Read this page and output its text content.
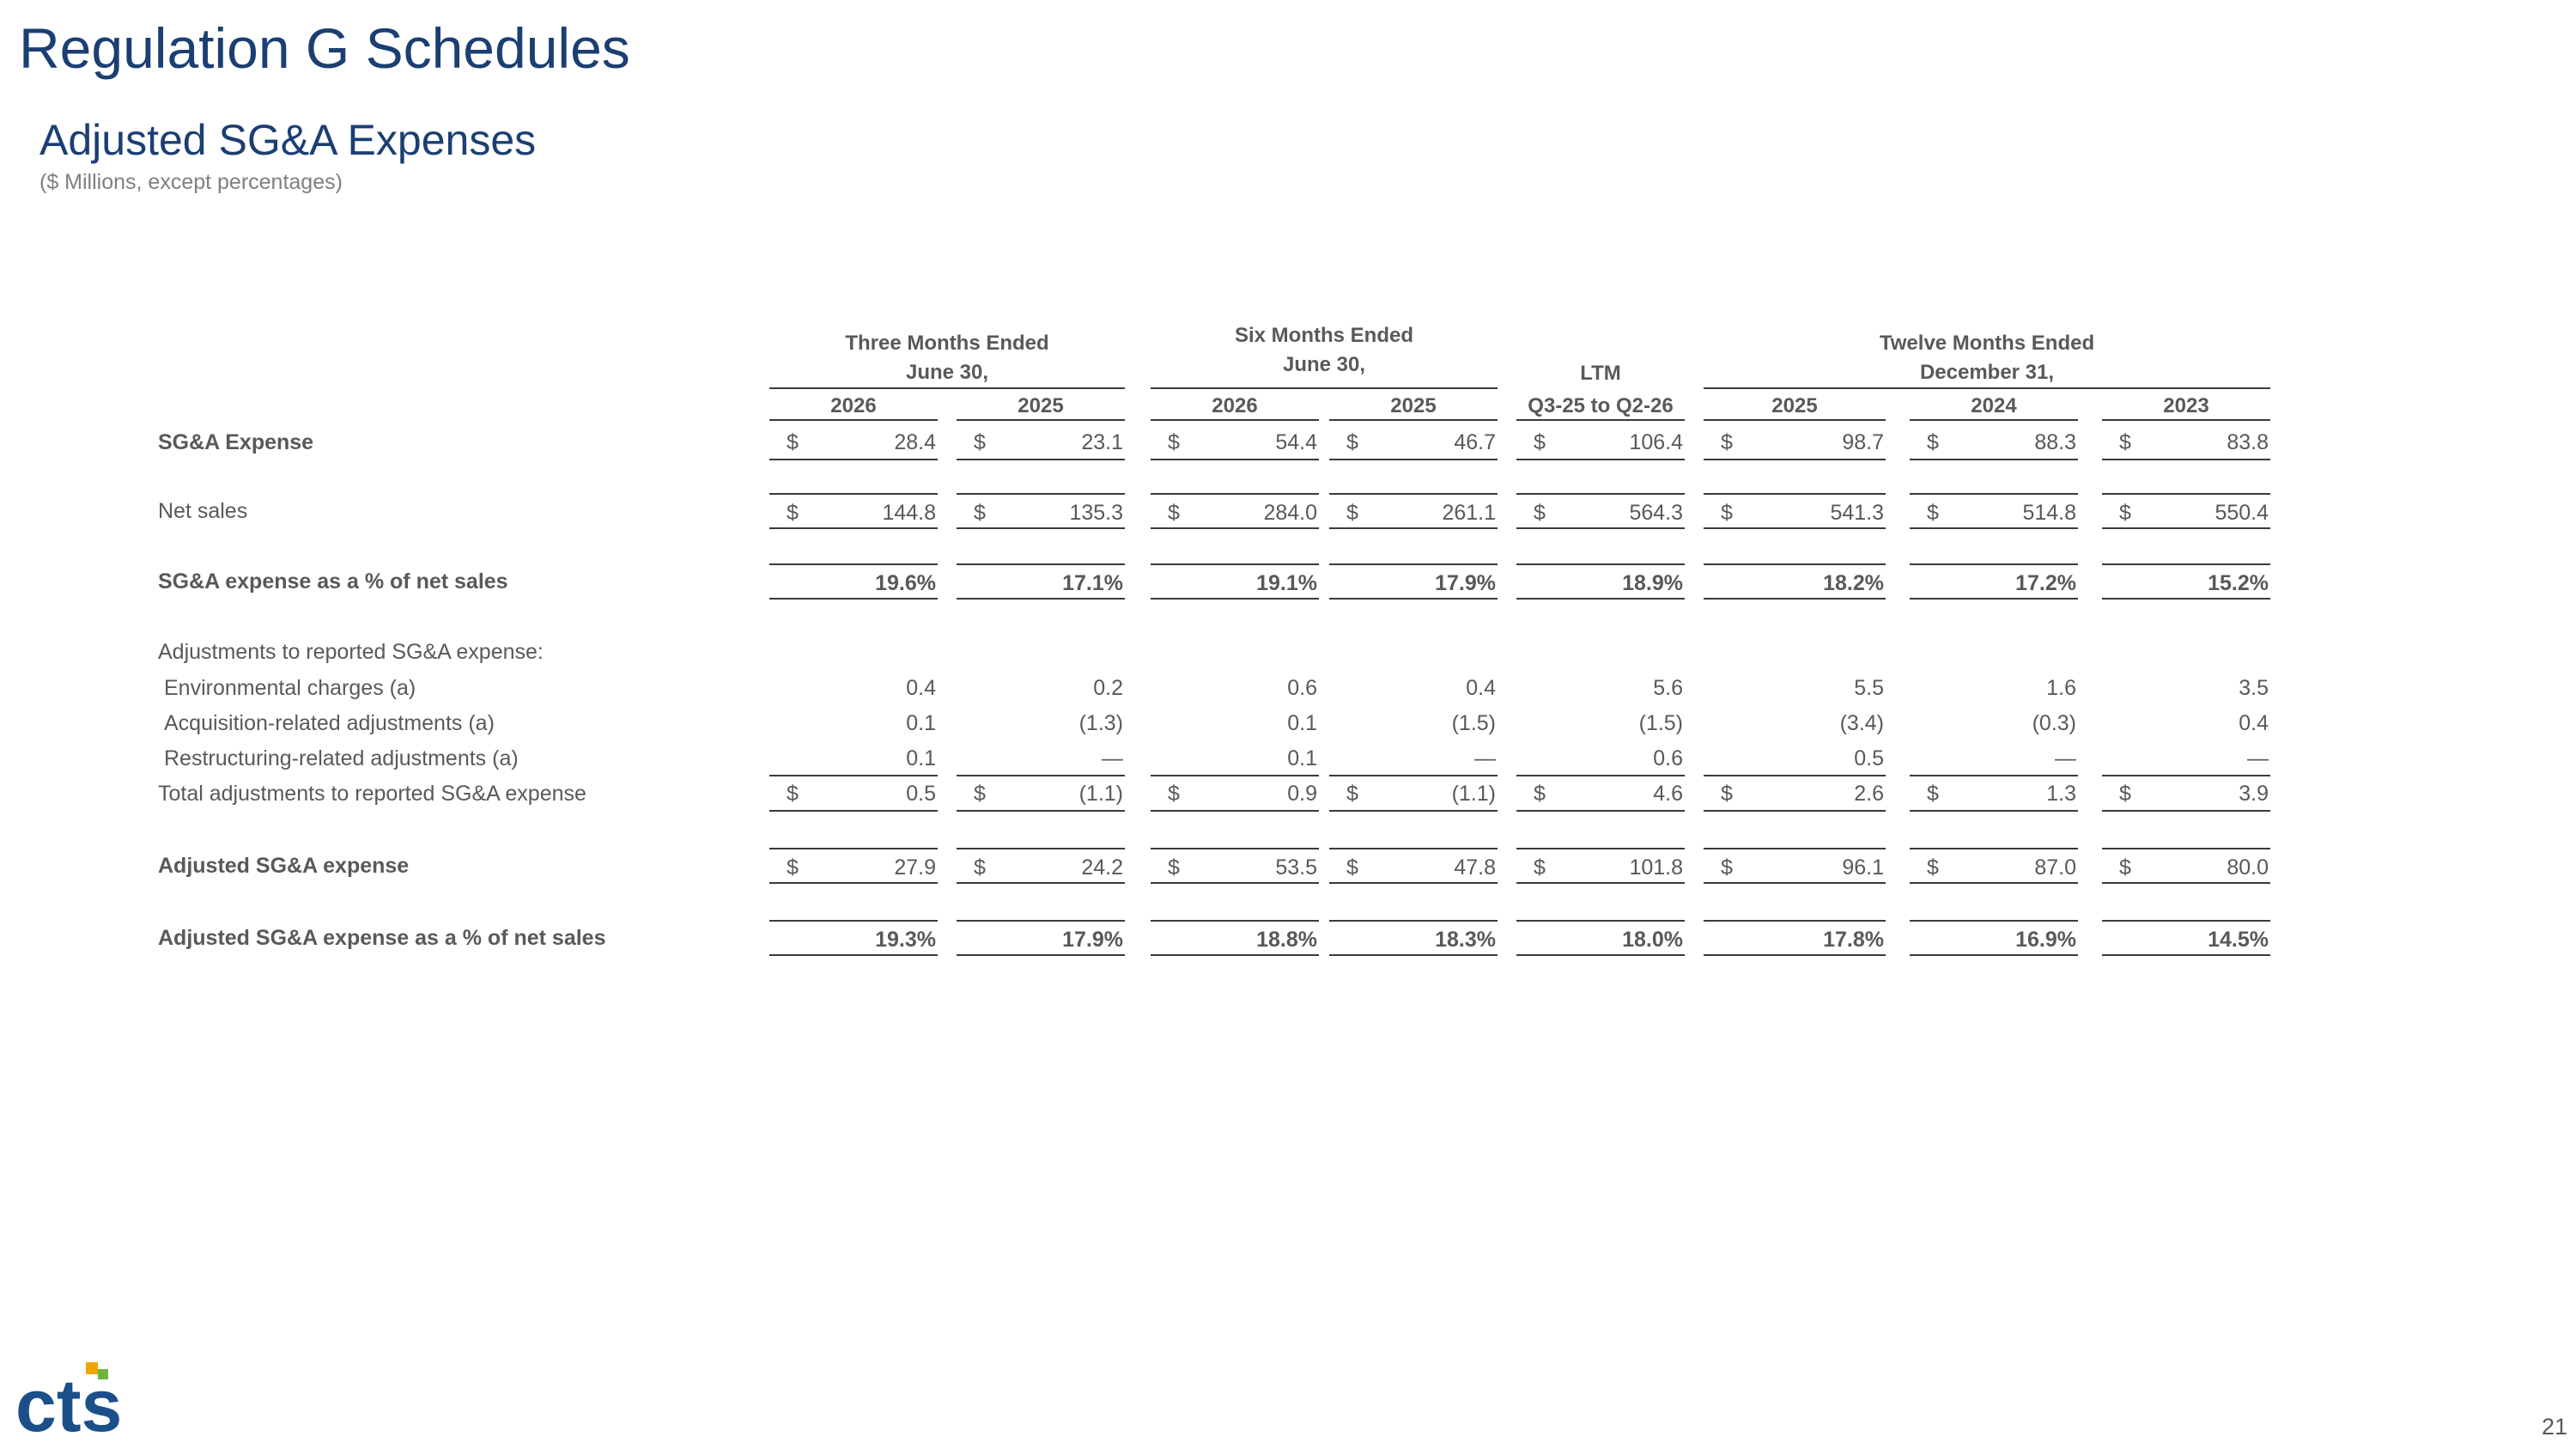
Regulation G Schedules
Adjusted SG&A Expenses
($ Millions, except percentages)
Three Months Ended
June 30,
Six Months Ended
June 30,	LTM
Twelve Months Ended
December 31,
2026	2025	2026	2025	Q3-25 to Q2-26	2025	2024	2023
SG&A Expense	$	28.4 $	23.1 $	54.4 $	46.7 $	106.4 $	98.7 $	88.3 $	83.8
Net sales	$	144.8 $	135.3 $	284.0 $	261.1 $	564.3 $	541.3 $	514.8 $	550.4
SG&A expense as a % of net sales	19.6%	17.1%	19.1%	17.9%	18.9%	18.2%	17.2%	15.2%
Adjustments to reported SG&A expense:
Environmental charges (a)	0.4	0.2	0.6	0.4	5.6	5.5	1.6	3.5
Acquisition-related adjustments (a)	0.1	(1.3)	0.1	(1.5)	(1.5)	(3.4)	(0.3)	0.4
Restructuring-related adjustments (a)	0.1	—	0.1	—	0.6	0.5	—	—
Total adjustments to reported SG&A expense	$	0.5 $	(1.1) $	0.9 $	(1.1) $	4.6 $	2.6 $	1.3 $	3.9
Adjusted SG&A expense	$	27.9 $	24.2 $	53.5 $	47.8 $	101.8 $	96.1 $	87.0 $	80.0
Adjusted SG&A expense as a % of net sales	19.3%	17.9%	18.8%	18.3%	18.0%	17.8%	16.9%	14.5%
cts	21
